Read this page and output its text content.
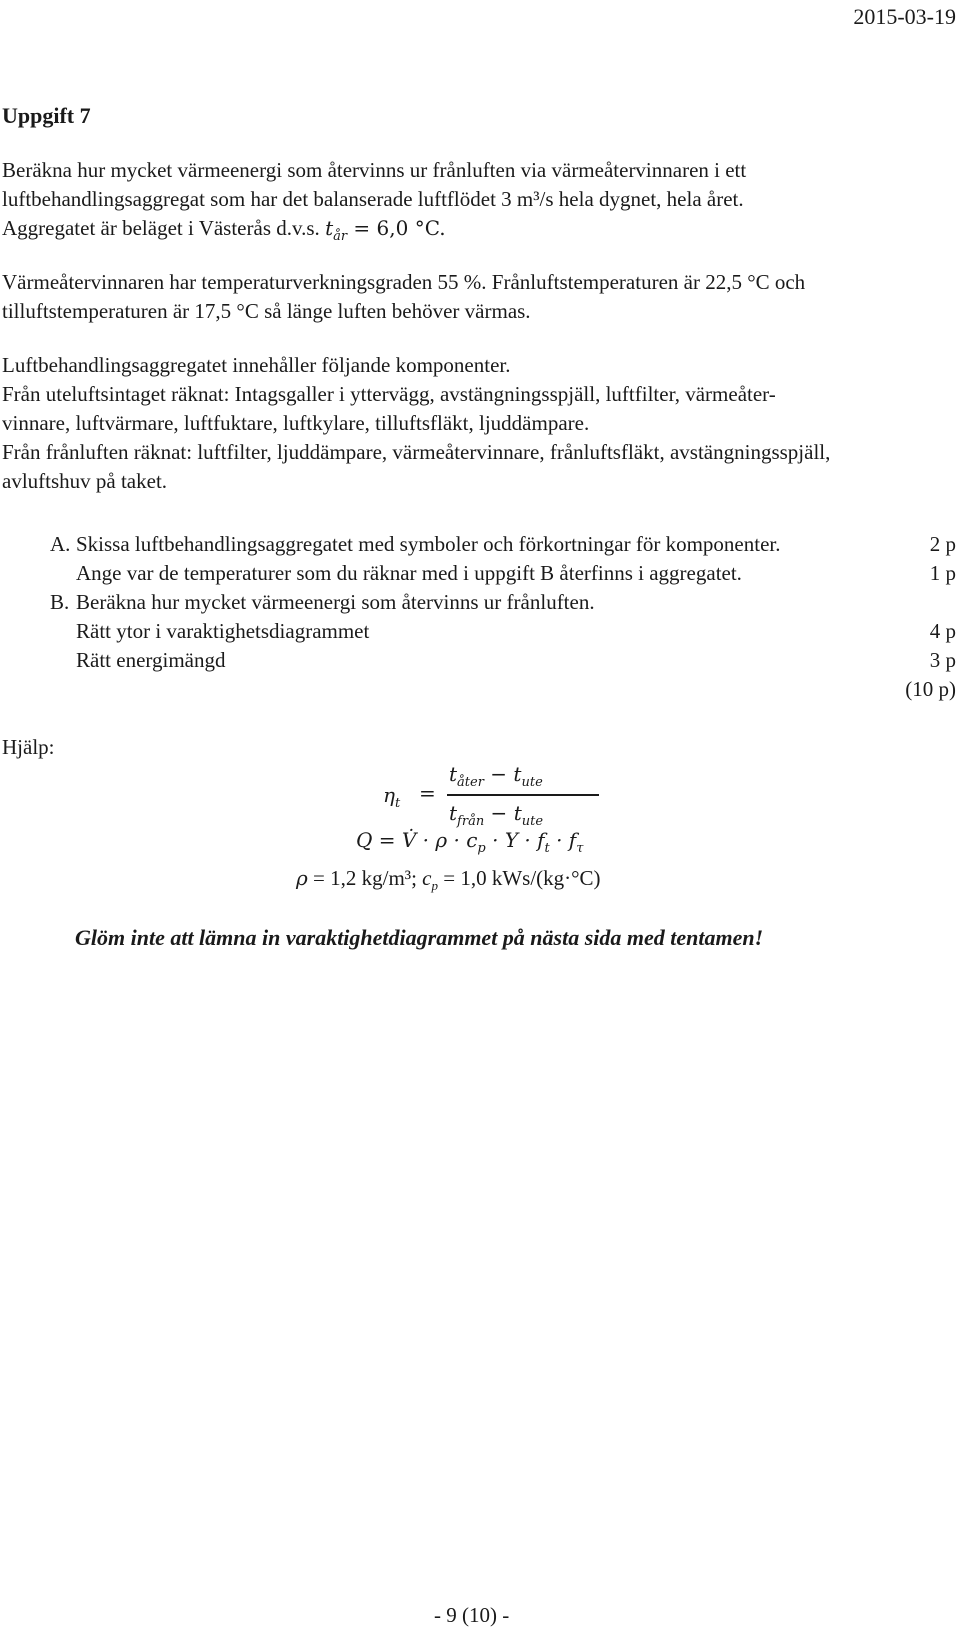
2015-03-19
Uppgift 7
Beräkna hur mycket värmeenergi som återvinns ur frånluften via värmeåtervinnaren i ett
luftbehandlingsaggregat som har det balanserade luftflödet 3 m³/s hela dygnet, hela året.
Aggregatet är beläget i Västerås d.v.s. $t_{år} = 6,0$ °C.
Värmeåtervinnaren har temperaturverkningsgraden 55 %. Frånluftstemperaturen är 22,5 °C och
tilluftstemperaturen är 17,5 °C så länge luften behöver värmas.
Luftbehandlingsaggregatet innehåller följande komponenter.
Från uteluftsintaget räknat: Intagsgaller i yttervägg, avstängningsspjäll, luftfilter, värmeåter-
vinnare, luftvärmare, luftfuktare, luftkylare, tilluftsfläkt, ljuddämpare.
Från frånluften räknat: luftfilter, ljuddämpare, värmeåtervinnare, frånluftsfläkt, avstängningsspjäll,
avluftshuv på taket.
A. Skissa luftbehandlingsaggregatet med symboler och förkortningar för komponenter.	2 p
Ange var de temperaturer som du räknar med i uppgift B återfinns i aggregatet.	1 p
B. Beräkna hur mycket värmeenergi som återvinns ur frånluften.
Rätt ytor i varaktighetsdiagrammet	4 p
Rätt energimängd	3 p
(10 p)
Hjälp:
$\eta_t$ =
$t_{åter} - t_{ute}$
$t_{från} - t_{ute}$
Q = V̇ · $\rho \cdot c_p \cdot Y \cdot f_t \cdot f_\tau$
ρ = 1,2 kg/m³; $c_p = 1,0$ kWs/(kg·°C)
Glöm inte att lämna in varaktighetdiagrammet på nästa sida med tentamen!
- 9 (10) -
